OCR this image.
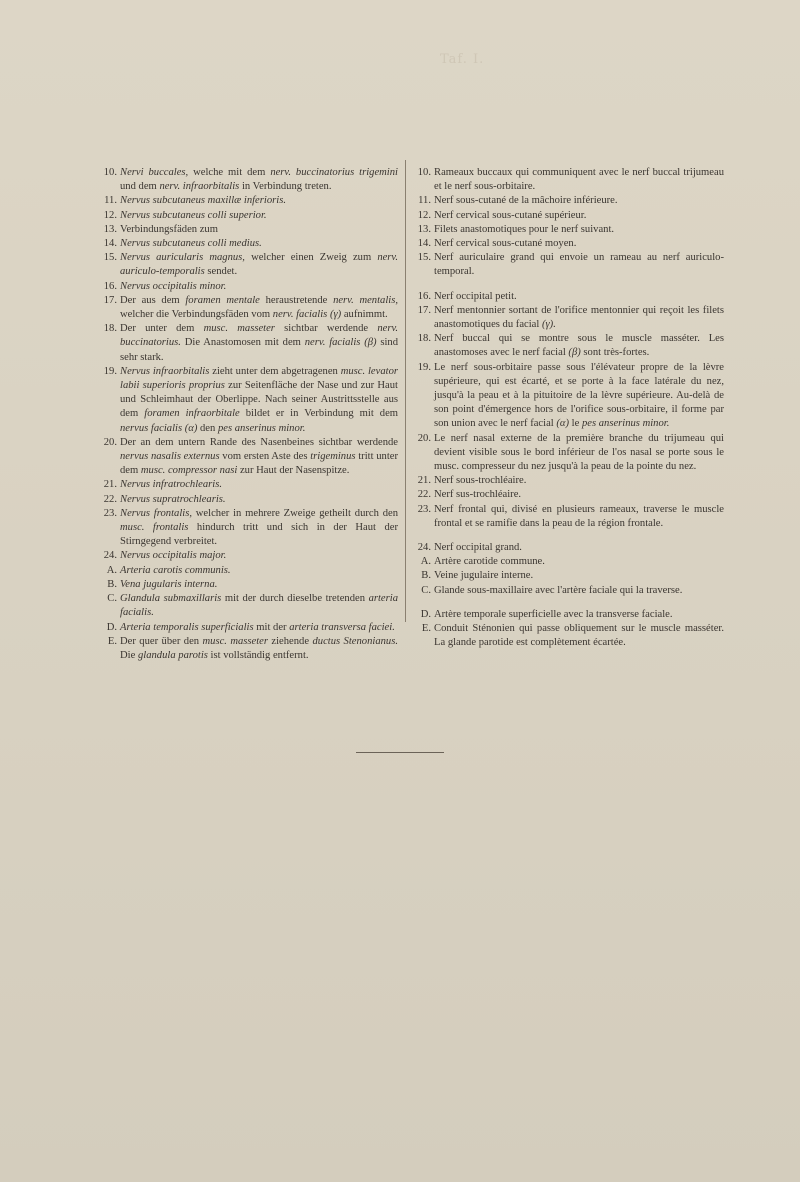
Taf. I.
10. Nervi buccales, welche mit dem nerv. buccinatorius trigemini und dem nerv. infraorbitalis in Verbindung treten.
11. Nervus subcutaneus maxillæ inferioris.
12. Nervus subcutaneus colli superior.
13. Verbindungsfäden zum
14. Nervus subcutaneus colli medius.
15. Nervus auricularis magnus, welcher einen Zweig zum nerv. auriculo-temporalis sendet.
16. Nervus occipitalis minor.
17. Der aus dem foramen mentale heraustretende nerv. mentalis, welcher die Verbindungsfäden vom nerv. facialis (γ) aufnimmt.
18. Der unter dem musc. masseter sichtbar werdende nerv. buccinatorius. Die Anastomosen mit dem nerv. facialis (β) sind sehr stark.
19. Nervus infraorbitalis zieht unter dem abgetragenen musc. levator labii superioris proprius zur Seitenfläche der Nase und zur Haut und Schleimhaut der Oberlippe. Nach seiner Austrittsstelle aus dem foramen infraorbitale bildet er in Verbindung mit dem nervus facialis (α) den pes anserinus minor.
20. Der an dem untern Rande des Nasenbeines sichtbar werdende nervus nasalis externus vom ersten Aste des trigeminus tritt unter dem musc. compressor nasi zur Haut der Nasenspitze.
21. Nervus infratrochlearis.
22. Nervus supratrochlearis.
23. Nervus frontalis, welcher in mehrere Zweige getheilt durch den musc. frontalis hindurch tritt und sich in der Haut der Stirngegend verbreitet.
24. Nervus occipitalis major.
A. Arteria carotis communis.
B. Vena jugularis interna.
C. Glandula submaxillaris mit der durch dieselbe tretenden arteria facialis.
D. Arteria temporalis superficialis mit der arteria transversa faciei.
E. Der quer über den musc. masseter ziehende ductus Stenonianus. Die glandula parotis ist vollständig entfernt.
10. Rameaux buccaux qui communiquent avec le nerf buccal trijumeau et le nerf sous-orbitaire.
11. Nerf sous-cutané de la mâchoire inférieure.
12. Nerf cervical sous-cutané supérieur.
13. Filets anastomotiques pour le nerf suivant.
14. Nerf cervical sous-cutané moyen.
15. Nerf auriculaire grand qui envoie un rameau au nerf auriculo-temporal.
16. Nerf occipital petit.
17. Nerf mentonnier sortant de l'orifice mentonnier qui reçoit les filets anastomotiques du facial (γ).
18. Nerf buccal qui se montre sous le muscle masséter. Les anastomoses avec le nerf facial (β) sont très-fortes.
19. Le nerf sous-orbitaire passe sous l'élévateur propre de la lèvre supérieure, qui est écarté, et se porte à la face latérale du nez, jusqu'à la peau et à la pituitoire de la lèvre supérieure. Au-delà de son point d'émergence hors de l'orifice sous-orbitaire, il forme par son union avec le nerf facial (α) le pes anserinus minor.
20. Le nerf nasal externe de la première branche du trijumeau qui devient visible sous le bord inférieur de l'os nasal se porte sous le musc. compresseur du nez jusqu'à la peau de la pointe du nez.
21. Nerf sous-trochléaire.
22. Nerf sus-trochléaire.
23. Nerf frontal qui, divisé en plusieurs rameaux, traverse le muscle frontal et se ramifie dans la peau de la région frontale.
24. Nerf occipital grand.
A. Artère carotide commune.
B. Veine jugulaire interne.
C. Glande sous-maxillaire avec l'artère faciale qui la traverse.
D. Artère temporale superficielle avec la transverse faciale.
E. Conduit Sténonien qui passe obliquement sur le muscle masséter. La glande parotide est complètement écartée.
